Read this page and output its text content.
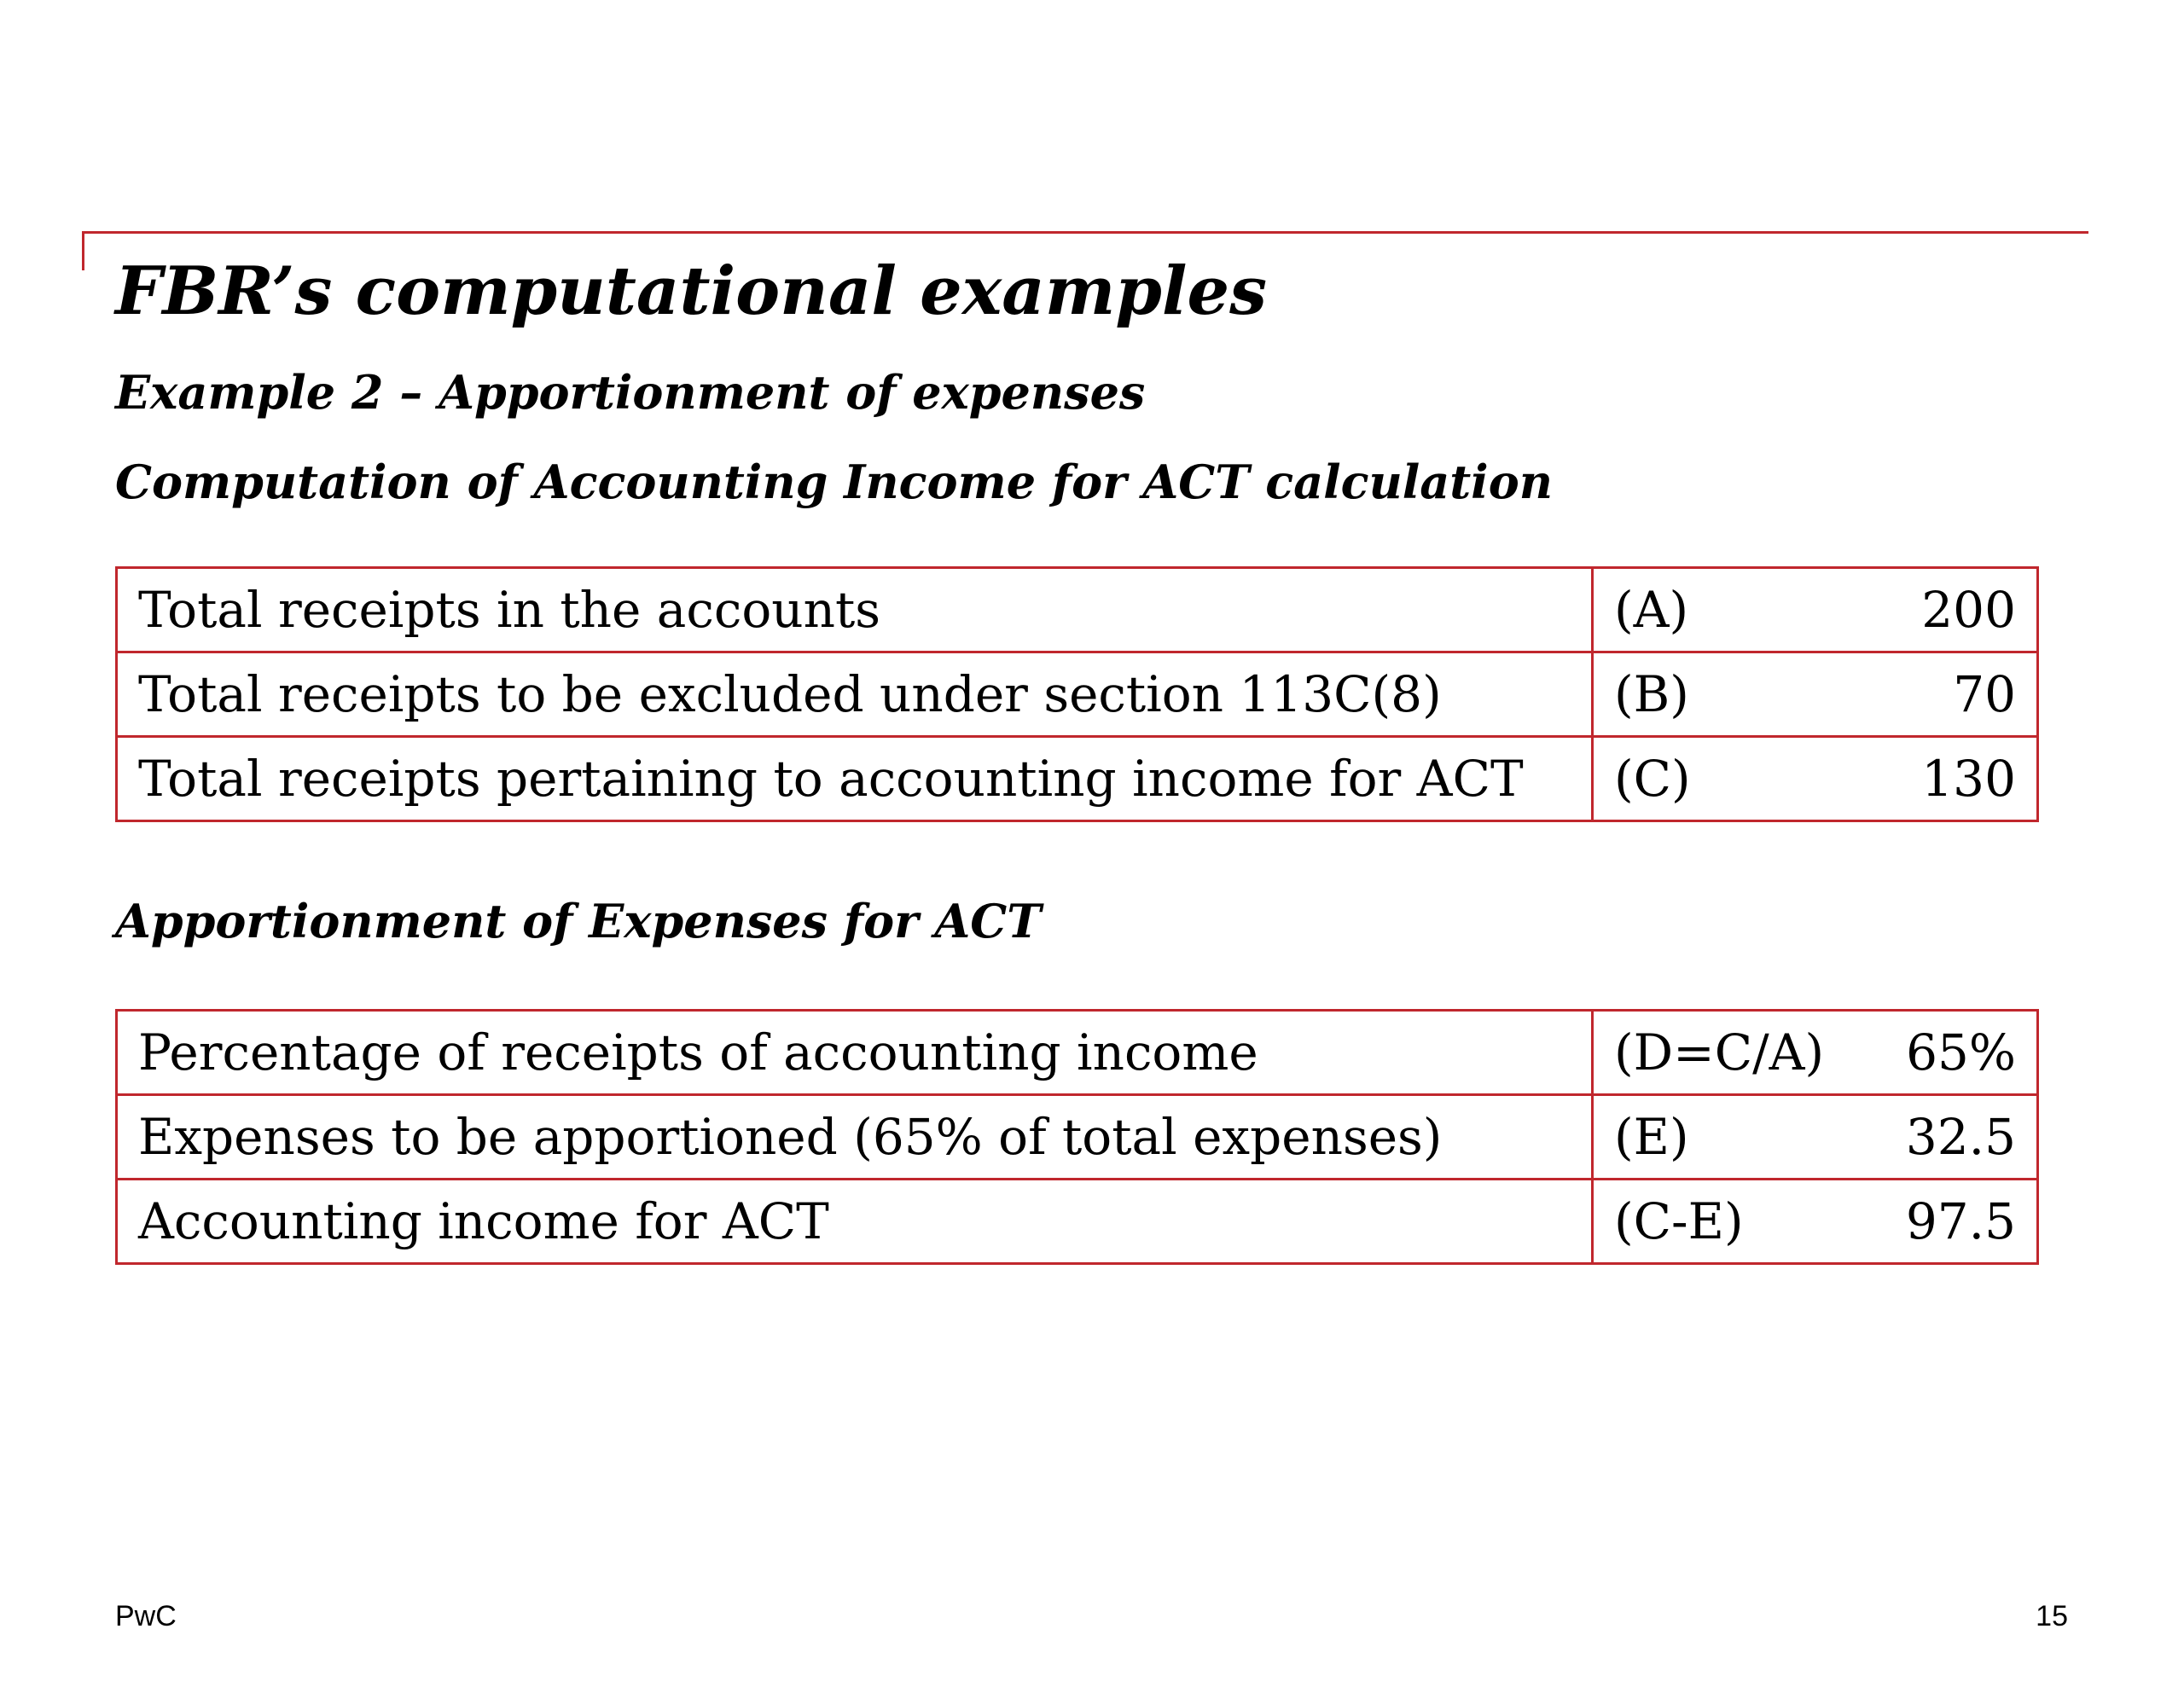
FBR’s computational examples
Example 2 – Apportionment of expenses
Computation of Accounting Income for ACT calculation
Total receipts in the accounts	(A) 200

Total receipts to be excluded under section 113C(8)	(B) 70

Total receipts pertaining to accounting income for ACT	(C) 130
Apportionment of Expenses for ACT
Percentage of receipts of accounting income	(D=C/A) 65%

Expenses to be apportioned (65% of total expenses)	(E) 32.5

Accounting income for ACT	(C-E) 97.5
PwC	15
